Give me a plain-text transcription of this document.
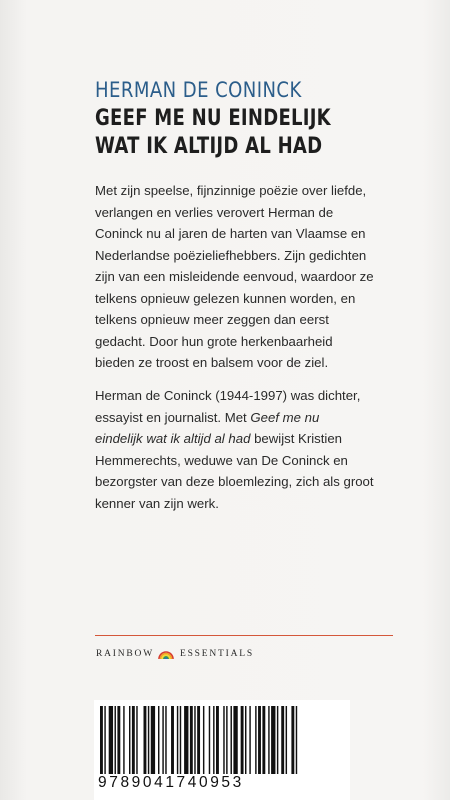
HERMAN DE CONINCK
GEEF ME NU EINDELIJK
WAT IK ALTIJD AL HAD
Met zijn speelse, fijnzinnige poëzie over liefde,
verlangen en verlies verovert Herman de
Coninck nu al jaren de harten van Vlaamse en
Nederlandse poëzieliefhebbers. Zijn gedichten
zijn van een misleidende eenvoud, waardoor ze
telkens opnieuw gelezen kunnen worden, en
telkens opnieuw meer zeggen dan eerst
gedacht. Door hun grote herkenbaarheid
bieden ze troost en balsem voor de ziel.
Herman de Coninck (1944-1997) was dichter,
essayist en journalist. Met Geef me nu
eindelijk wat ik altijd al had bewijst Kristien
Hemmerechts, weduwe van De Coninck en
bezorgster van deze bloemlezing, zich als groot
kenner van zijn werk.
RAINBOW	ESSENTIALS
9789041740953
